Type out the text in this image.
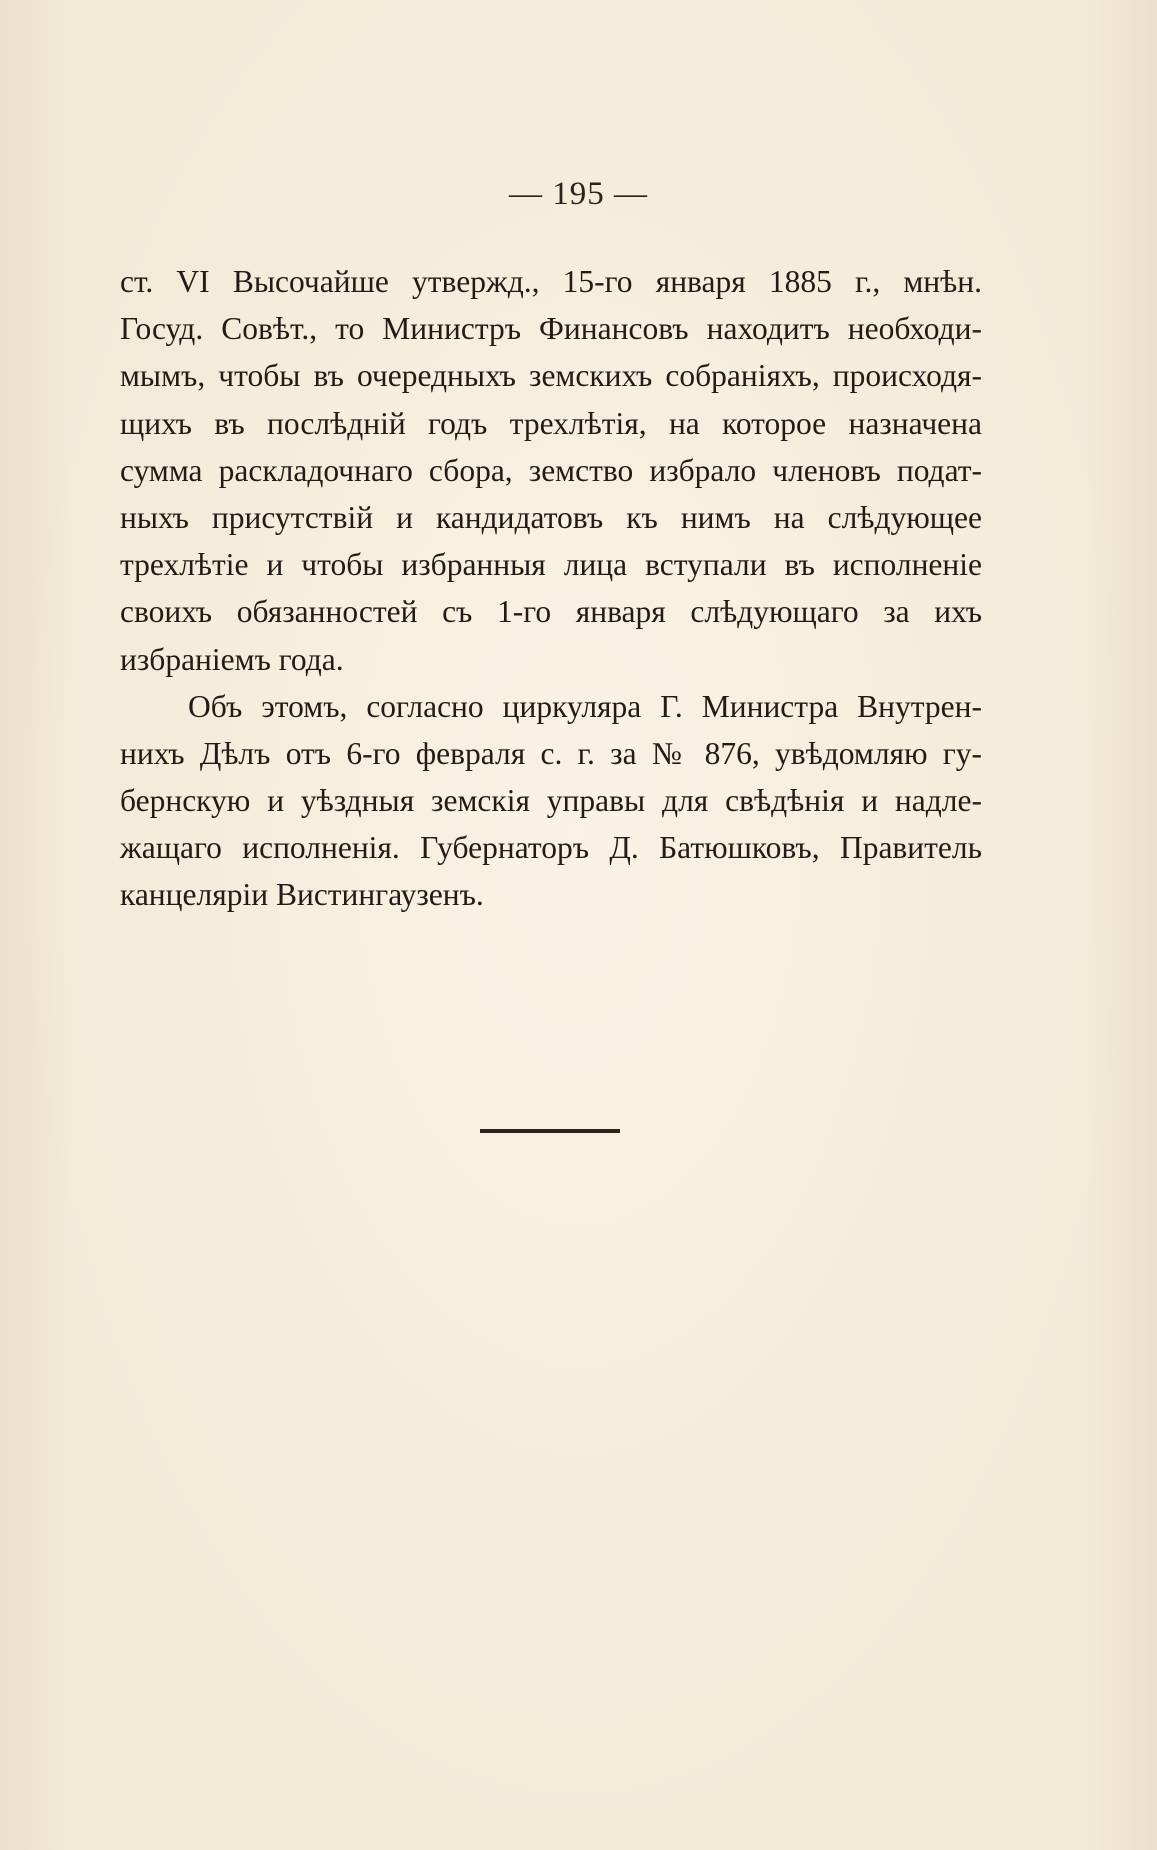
— 195 —
ст. VI Высочайше утвержд., 15-го января 1885 г., мнѣн.
Госуд. Совѣт., то Министръ Финансовъ находитъ необходи-
мымъ, чтобы въ очередныхъ земскихъ собраніяхъ, происходя-
щихъ въ послѣдній годъ трехлѣтія, на которое назначена
сумма раскладочнаго сбора, земство избрало членовъ подат-
ныхъ присутствій и кандидатовъ къ нимъ на слѣдующее
трехлѣтіе и чтобы избранныя лица вступали въ исполненіе
своихъ обязанностей съ 1-го января слѣдующаго за ихъ
избраніемъ года.
Объ этомъ, согласно циркуляра Г. Министра Внутрен-
нихъ Дѣлъ отъ 6-го февраля с. г. за № 876, увѣдомляю гу-
бернскую и уѣздныя земскія управы для свѣдѣнія и надле-
жащаго исполненія. Губернаторъ Д. Батюшковъ, Правитель
канцеляріи Вистингаузенъ.
